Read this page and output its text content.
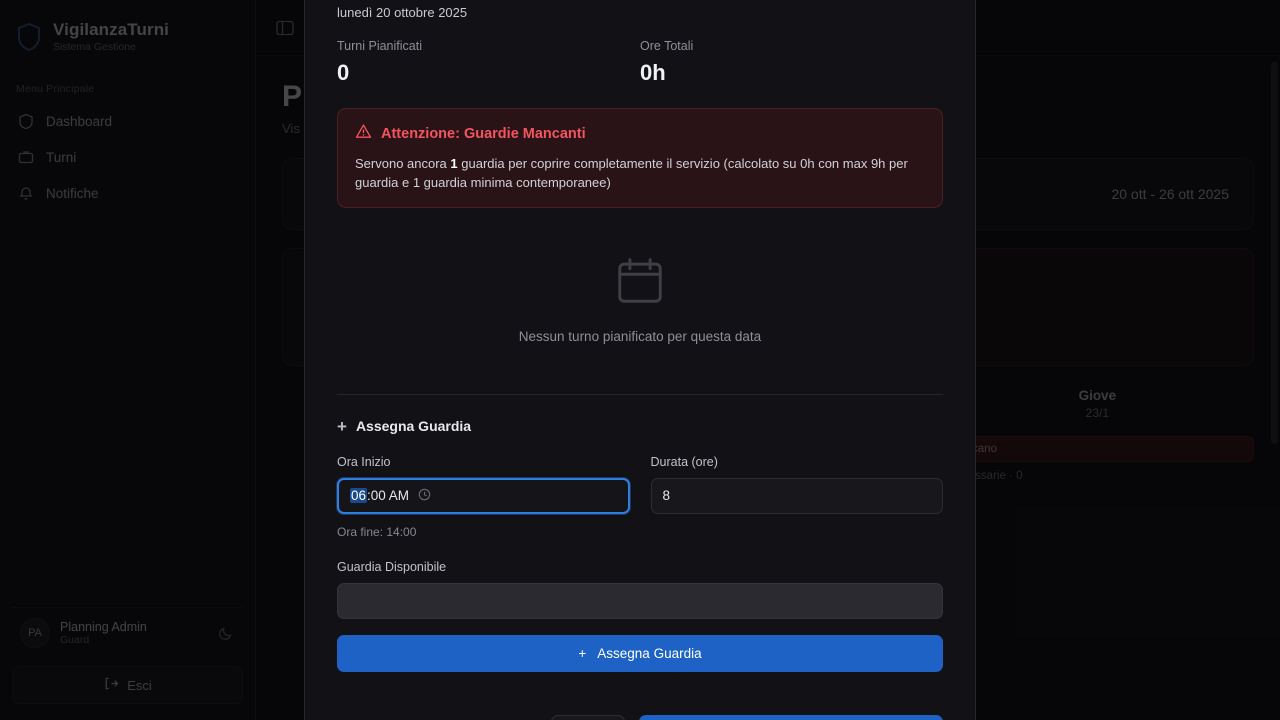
lunedì 20 ottobre 2025
Turni Pianificati
0
Ore Totali
0h
Attenzione: Guardie Mancanti
Servono ancora 1 guardia per coprire completamente il servizio (calcolato su 0h con max 9h per guardia e 1 guardia minima contemporanee)
Nessun turno pianificato per questa data
+ Assegna Guardia
Ora Inizio
06 :00 AM
Durata (ore)
8
Ora fine: 14:00
Guardia Disponibile
+ Assegna Guardia
